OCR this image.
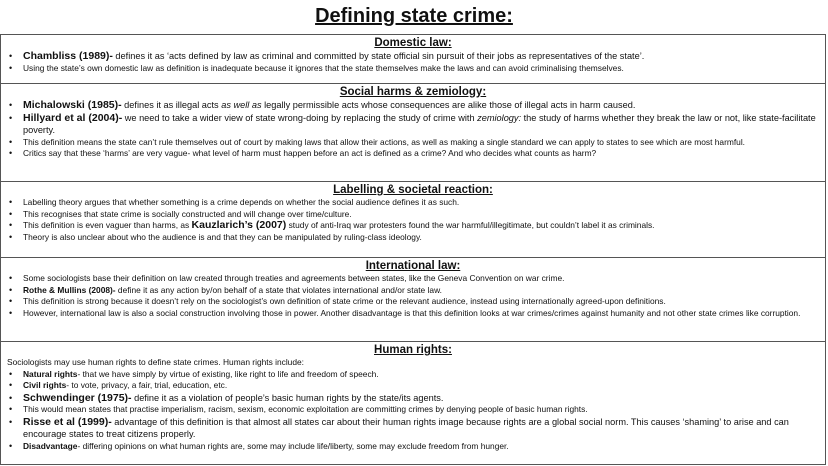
Defining state crime:
Domestic law:
• Chambliss (1989)- defines it as ‘acts defined by law as criminal and committed by state official sin pursuit of their jobs as representatives of the state’.
• Using the state’s own domestic law as definition is inadequate because it ignores that the state themselves make the laws and can avoid criminalising themselves.
Social harms & zemiology:
• Michalowski (1985)- defines it as illegal acts as well as legally permissible acts whose consequences are alike those of illegal acts in harm caused.
• Hillyard et al (2004)- we need to take a wider view of state wrong-doing by replacing the study of crime with zemiology: the study of harms whether they break the law or not, like state-facilitate poverty.
• This definition means the state can’t rule themselves out of court by making laws that allow their actions, as well as making a single standard we can apply to states to see which are most harmful.
• Critics say that these ‘harms’ are very vague- what level of harm must happen before an act is defined as a crime? And who decides what counts as harm?
Labelling & societal reaction:
• Labelling theory argues that whether something is a crime depends on whether the social audience defines it as such.
• This recognises that state crime is socially constructed and will change over time/culture.
• This definition is even vaguer than harms, as Kauzlarich’s (2007) study of anti-Iraq war protesters found the war harmful/illegitimate, but couldn’t label it as criminals.
• Theory is also unclear about who the audience is and that they can be manipulated by ruling-class ideology.
International law:
• Some sociologists base their definition on law created through treaties and agreements between states, like the Geneva Convention on war crime.
• Rothe & Mullins (2008)- define it as any action by/on behalf of a state that violates international and/or state law.
• This definition is strong because it doesn’t rely on the sociologist’s own definition of state crime or the relevant audience, instead using internationally agreed-upon definitions.
• However, international law is also a social construction involving those in power. Another disadvantage is that this definition looks at war crimes/crimes against humanity and not other state crimes like corruption.
Human rights:
Sociologists may use human rights to define state crimes. Human rights include:
• Natural rights- that we have simply by virtue of existing, like right to life and freedom of speech.
• Civil rights- to vote, privacy, a fair, trial, education, etc.
• Schwendinger (1975)- define it as a violation of people’s basic human rights by the state/its agents.
• This would mean states that practise imperialism, racism, sexism, economic exploitation are committing crimes by denying people of basic human rights.
• Risse et al (1999)- advantage of this definition is that almost all states car about their human rights image because rights are a global social norm. This causes ‘shaming’ to arise and can encourage states to treat citizens properly.
• Disadvantage- differing opinions on what human rights are, some may include life/liberty, some may exclude freedom from hunger.
